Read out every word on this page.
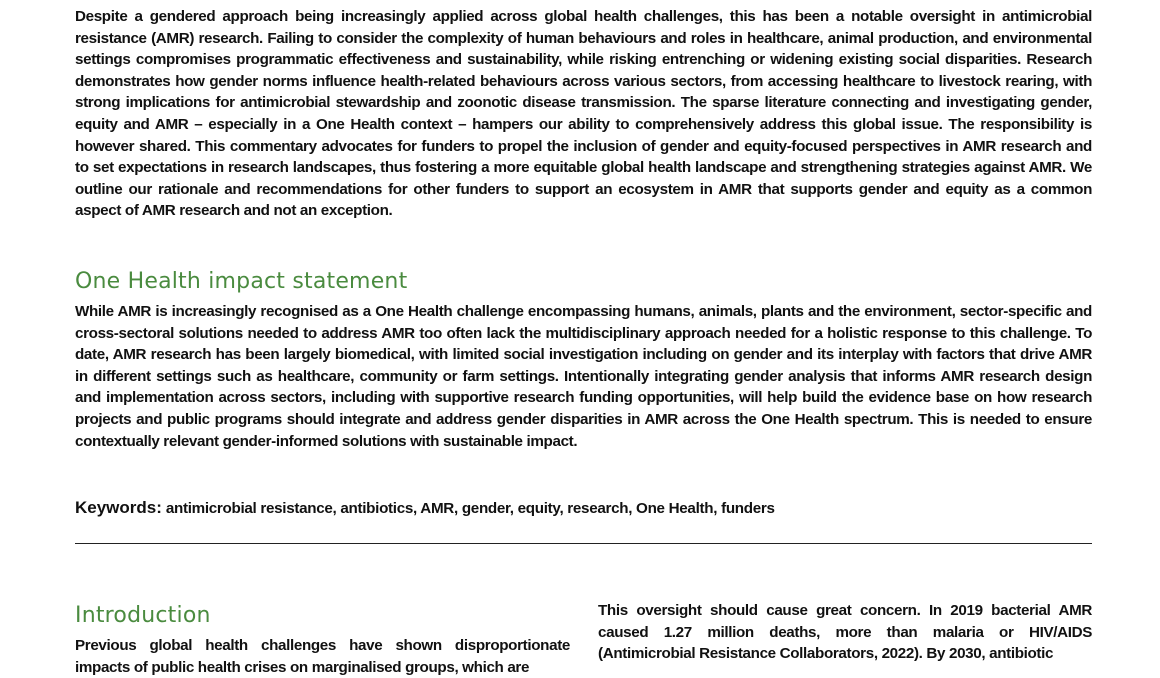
Despite a gendered approach being increasingly applied across global health challenges, this has been a notable oversight in antimicrobial resistance (AMR) research. Failing to consider the complexity of human behaviours and roles in healthcare, animal production, and environmental settings compromises programmatic effectiveness and sustainability, while risking entrenching or widening existing social disparities. Research demonstrates how gender norms influence health-related behaviours across various sectors, from accessing healthcare to livestock rearing, with strong implications for antimicrobial stewardship and zoonotic disease transmission. The sparse literature connecting and investigating gender, equity and AMR – especially in a One Health context – hampers our ability to comprehensively address this global issue. The responsibility is however shared. This commentary advocates for funders to propel the inclusion of gender and equity-focused perspectives in AMR research and to set expectations in research landscapes, thus fostering a more equitable global health landscape and strengthening strategies against AMR. We outline our rationale and recommendations for other funders to support an ecosystem in AMR that supports gender and equity as a common aspect of AMR research and not an exception.

One Health impact statement

While AMR is increasingly recognised as a One Health challenge encompassing humans, animals, plants and the environment, sector-specific and cross-sectoral solutions needed to address AMR too often lack the multidisciplinary approach needed for a holistic response to this challenge. To date, AMR research has been largely biomedical, with limited social investigation including on gender and its interplay with factors that drive AMR in different settings such as healthcare, community or farm settings. Intentionally integrating gender analysis that informs AMR research design and implementation across sectors, including with supportive research funding opportunities, will help build the evidence base on how research projects and public programs should integrate and address gender disparities in AMR across the One Health spectrum. This is needed to ensure contextually relevant gender-informed solutions with sustainable impact.

Keywords: antimicrobial resistance, antibiotics, AMR, gender, equity, research, One Health, funders

Introduction

Previous global health challenges have shown disproportionate impacts of public health crises on marginalised groups, which are

This oversight should cause great concern. In 2019 bacterial AMR caused 1.27 million deaths, more than malaria or HIV/AIDS (Antimicrobial Resistance Collaborators, 2022). By 2030, antibiotic
